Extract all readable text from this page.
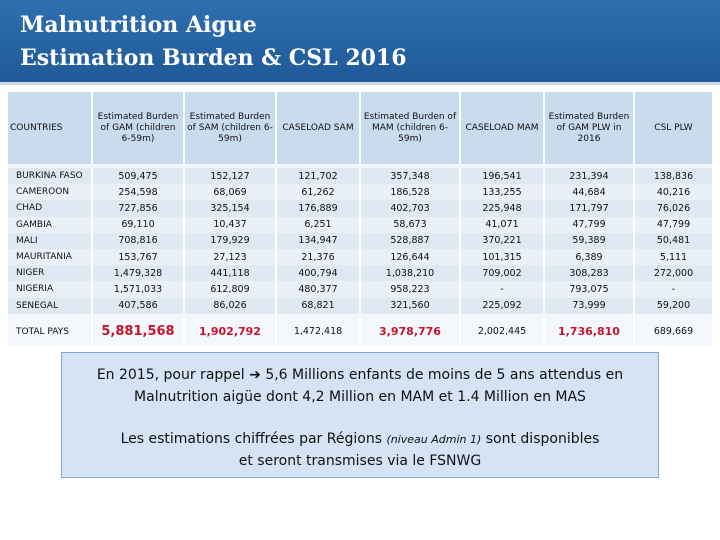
Malnutrition Aigue
Estimation Burden & CSL 2016
COUNTRIES	Estimated Burden of GAM (children 6-59m)	Estimated Burden of SAM (children 6-59m)	CASELOAD SAM	Estimated Burden of MAM (children 6-59m)	CASELOAD MAM	Estimated Burden of GAM PLW in 2016	CSL PLW

BURKINA FASO	509,475	152,127	121,702	357,348	196,541	231,394	138,836
CAMEROON	254,598	68,069	61,262	186,528	133,255	44,684	40,216
CHAD	727,856	325,154	176,889	402,703	225,948	171,797	76,026
GAMBIA	69,110	10,437	6,251	58,673	41,071	47,799	47,799
MALI	708,816	179,929	134,947	528,887	370,221	59,389	50,481
MAURITANIA	153,767	27,123	21,376	126,644	101,315	6,389	5,111
NIGER	1,479,328	441,118	400,794	1,038,210	709,002	308,283	272,000
NIGERIA	1,571,033	612,809	480,377	958,223	-	793,075	-
SENEGAL	407,586	86,026	68,821	321,560	225,092	73,999	59,200

TOTAL PAYS	5,881,568	1,902,792	1,472,418	3,978,776	2,002,445	1,736,810	689,669
En 2015, pour rappel ➔ 5,6 Millions enfants de moins de 5 ans attendus en
Malnutrition aigüe dont 4,2 Million en MAM et 1.4 Million en MAS
Les estimations chiffrées par Régions (niveau Admin 1) sont disponibles
et seront transmises via le FSNWG
